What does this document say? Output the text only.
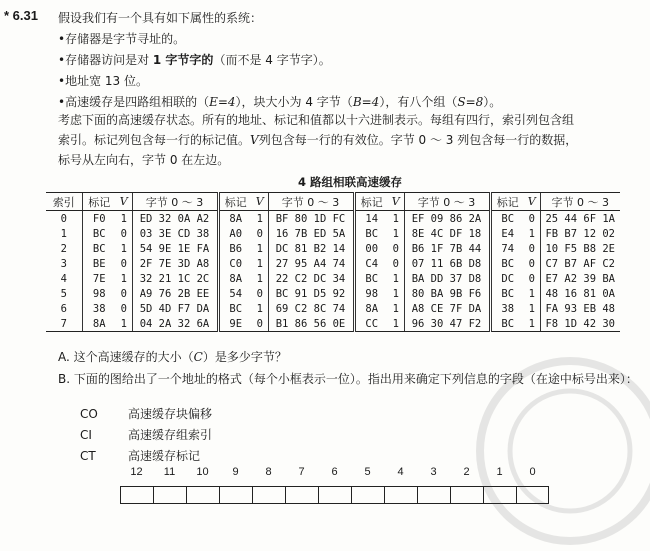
* 6.31 假设我们有一个具有如下属性的系统：
•存储器是字节寻址的。
•存储器访问是对 1 字节字的（而不是 4 字节字）。
•地址宽 13 位。
•高速缓存是四路组相联的（E=4），块大小为 4 字节（B=4），有八个组（S=8）。
考虑下面的高速缓存状态。所有的地址、标记和值都以十六进制表示。每组有四行，索引列包含组
索引。标记列包含每一行的标记值。V列包含每一行的有效位。字节 0 ～ 3 列包含每一行的数据，
标号从左向右，字节 0 在左边。
4 路组相联高速缓存
索引	标记	V	字节 0 ～ 3	标记	V	字节 0 ～ 3	标记	V	字节 0 ～ 3	标记	V	字节 0 ～ 3
0	F0	1	ED 32 0A A2	8A	1	BF 80 1D FC	14	1	EF 09 86 2A	BC	0	25 44 6F 1A
1	BC	0	03 3E CD 38	A0	0	16 7B ED 5A	BC	1	8E 4C DF 18	E4	1	FB B7 12 02
2	BC	1	54 9E 1E FA	B6	1	DC 81 B2 14	00	0	B6 1F 7B 44	74	0	10 F5 B8 2E
3	BE	0	2F 7E 3D A8	C0	1	27 95 A4 74	C4	0	07 11 6B D8	BC	0	C7 B7 AF C2
4	7E	1	32 21 1C 2C	8A	1	22 C2 DC 34	BC	1	BA DD 37 D8	DC	0	E7 A2 39 BA
5	98	0	A9 76 2B EE	54	0	BC 91 D5 92	98	1	80 BA 9B F6	BC	1	48 16 81 0A
6	38	0	5D 4D F7 DA	BC	1	69 C2 8C 74	8A	1	A8 CE 7F DA	38	1	FA 93 EB 48
7	8A	1	04 2A 32 6A	9E	0	B1 86 56 0E	CC	1	96 30 47 F2	BC	1	F8 1D 42 30
A. 这个高速缓存的大小（C）是多少字节？
B. 下面的图给出了一个地址的格式（每个小框表示一位）。指出用来确定下列信息的字段（在途中标号出来）：
CO	高速缓存块偏移
CI	高速缓存组索引
CT	高速缓存标记
12	11	10	9	8	7	6	5	4	3	2	1	0
